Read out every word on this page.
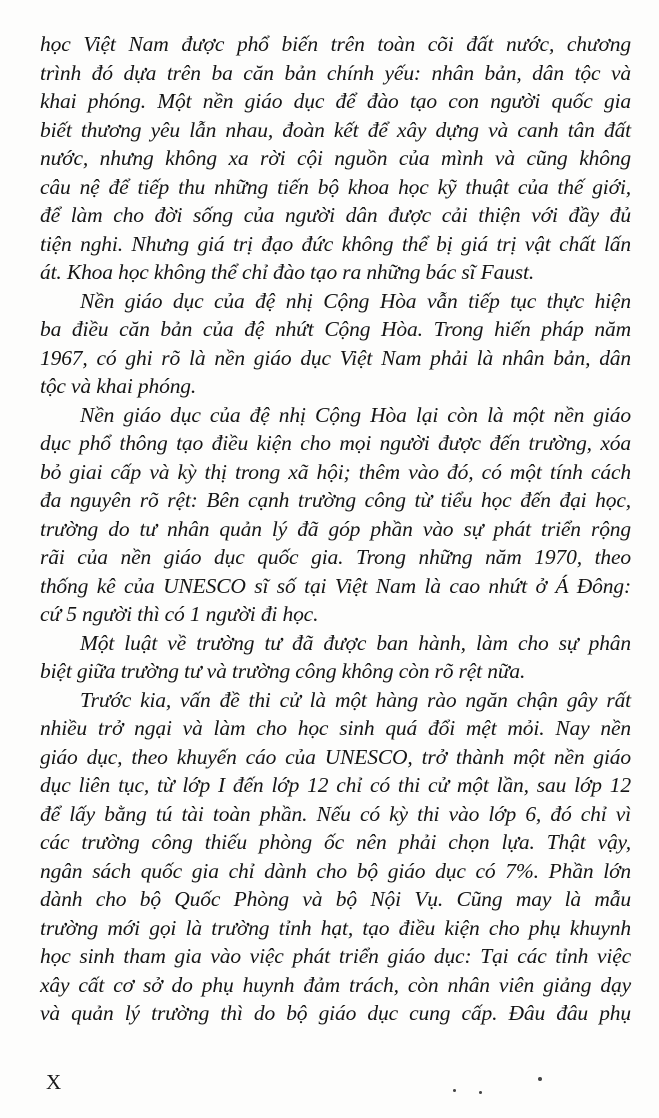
học Việt Nam được phổ biến trên toàn cõi đất nước, chương
trình đó dựa trên ba căn bản chính yếu: nhân bản, dân tộc và
khai phóng. Một nền giáo dục để đào tạo con người quốc gia
biết thương yêu lẫn nhau, đoàn kết để xây dựng và canh tân đất
nước, nhưng không xa rời cội nguồn của mình và cũng không
câu nệ để tiếp thu những tiến bộ khoa học kỹ thuật của thế giới,
để làm cho đời sống của người dân được cải thiện với đầy đủ
tiện nghi. Nhưng giá trị đạo đức không thể bị giá trị vật chất lấn
át. Khoa học không thể chỉ đào tạo ra những bác sĩ Faust.
Nền giáo dục của đệ nhị Cộng Hòa vẫn tiếp tục thực hiện
ba điều căn bản của đệ nhứt Cộng Hòa. Trong hiến pháp năm
1967, có ghi rõ là nền giáo dục Việt Nam phải là nhân bản, dân
tộc và khai phóng.
Nền giáo dục của đệ nhị Cộng Hòa lại còn là một nền giáo
dục phổ thông tạo điều kiện cho mọi người được đến trường, xóa
bỏ giai cấp và kỳ thị trong xã hội; thêm vào đó, có một tính cách
đa nguyên rõ rệt: Bên cạnh trường công từ tiểu học đến đại học,
trường do tư nhân quản lý đã góp phần vào sự phát triển rộng
rãi của nền giáo dục quốc gia. Trong những năm 1970, theo
thống kê của UNESCO sĩ số tại Việt Nam là cao nhứt ở Á Đông:
cứ 5 người thì có 1 người đi học.
Một luật về trường tư đã được ban hành, làm cho sự phân
biệt giữa trường tư và trường công không còn rõ rệt nữa.
Trước kia, vấn đề thi cử là một hàng rào ngăn chận gây rất
nhiều trở ngại và làm cho học sinh quá đổi mệt mỏi. Nay nền
giáo dục, theo khuyến cáo của UNESCO, trở thành một nền giáo
dục liên tục, từ lớp I đến lớp 12 chỉ có thi cử một lần, sau lớp 12
để lấy bằng tú tài toàn phần. Nếu có kỳ thi vào lớp 6, đó chỉ vì
các trường công thiếu phòng ốc nên phải chọn lựa. Thật vậy,
ngân sách quốc gia chỉ dành cho bộ giáo dục có 7%. Phần lớn
dành cho bộ Quốc Phòng và bộ Nội Vụ. Cũng may là mẫu
trường mới gọi là trường tỉnh hạt, tạo điều kiện cho phụ khuynh
học sinh tham gia vào việc phát triển giáo dục: Tại các tỉnh việc
xây cất cơ sở do phụ huynh đảm trách, còn nhân viên giảng dạy
và quản lý trường thì do bộ giáo dục cung cấp. Đâu đâu phụ
X
